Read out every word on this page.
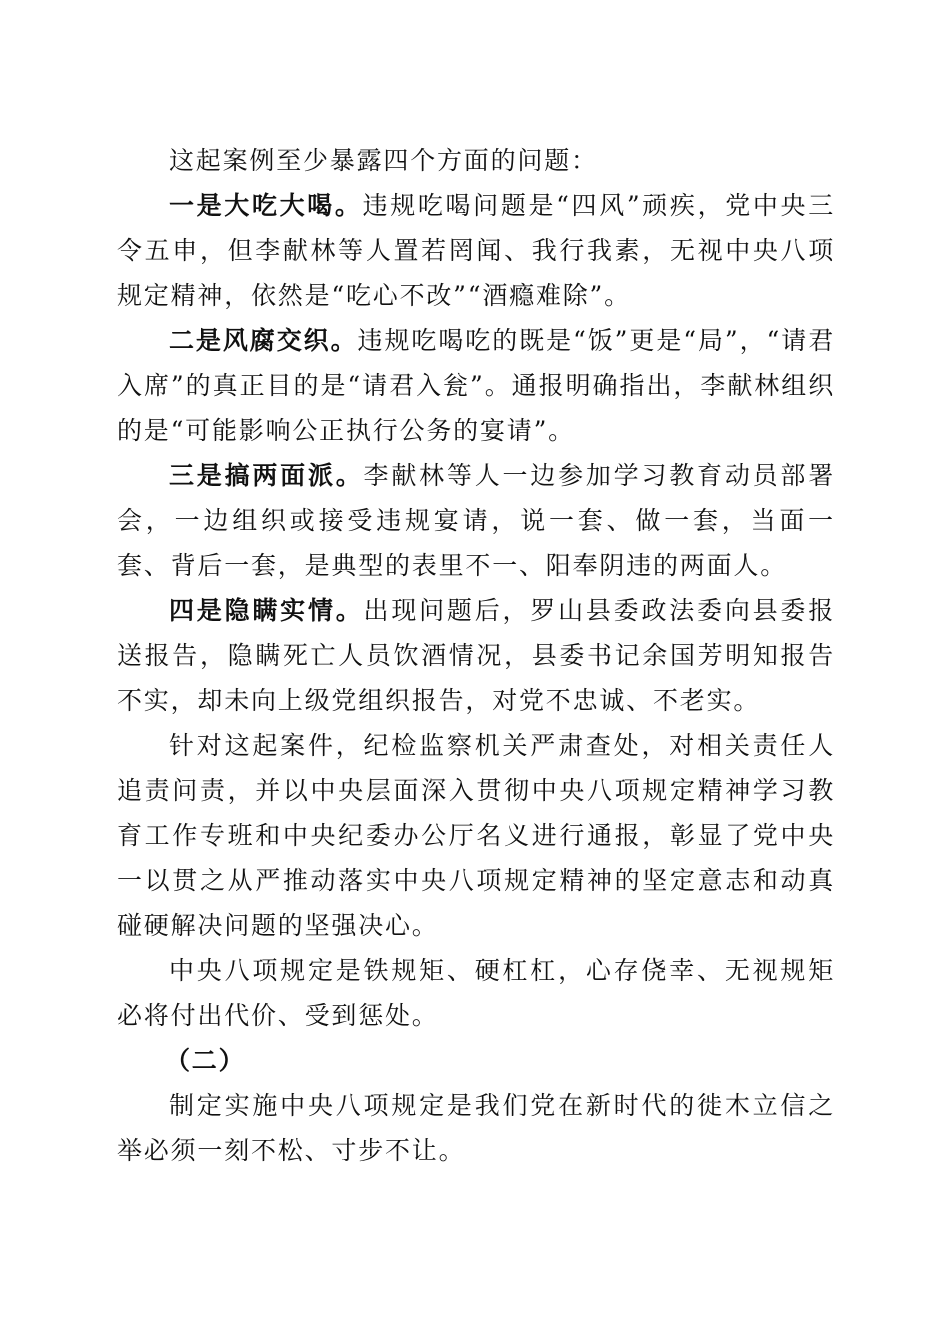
这起案例至少暴露四个方面的问题：

一是大吃大喝。违规吃喝问题是“四风”顽疾，党中央三令五申，但李献林等人置若罔闻、我行我素，无视中央八项规定精神，依然是“吃心不改”“酒瘾难除”。

二是风腐交织。违规吃喝吃的既是“饭”更是“局”，“请君入席”的真正目的是“请君入瓮”。通报明确指出，李献林组织的是“可能影响公正执行公务的宴请”。

三是搞两面派。李献林等人一边参加学习教育动员部署会，一边组织或接受违规宴请，说一套、做一套，当面一套、背后一套，是典型的表里不一、阳奉阴违的两面人。

四是隐瞒实情。出现问题后，罗山县委政法委向县委报送报告，隐瞒死亡人员饮酒情况，县委书记余国芳明知报告不实，却未向上级党组织报告，对党不忠诚、不老实。

针对这起案件，纪检监察机关严肃查处，对相关责任人追责问责，并以中央层面深入贯彻中央八项规定精神学习教育工作专班和中央纪委办公厅名义进行通报，彰显了党中央一以贯之从严推动落实中央八项规定精神的坚定意志和动真碰硬解决问题的坚强决心。

中央八项规定是铁规矩、硬杠杠，心存侥幸、无视规矩必将付出代价、受到惩处。

（二）

制定实施中央八项规定是我们党在新时代的徙木立信之举必须一刻不松、寸步不让。
